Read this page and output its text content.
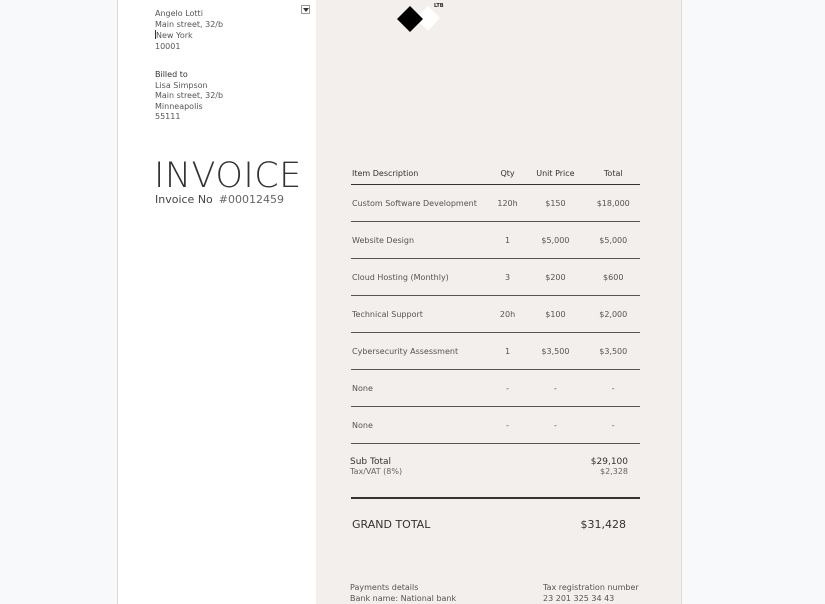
Angelo Lotti
Main street, 32/b
New York
10001
Billed to
Lisa Simpson
Main street, 32/b
Minneapolis
55111
INVOICE
Invoice No #00012459
LTB
Item Description	Qty	Unit Price	Total
Custom Software Development	120h	$150	$18,000
Website Design	1	$5,000	$5,000
Cloud Hosting (Monthly)	3	$200	$600
Technical Support	20h	$100	$2,000
Cybersecurity Assessment	1	$3,500	$3,500
None	-	-	-
None	-	-	-
Sub Total	$29,100
Tax/VAT (8%)	$2,328
GRAND TOTAL	$31,428
Payments details
Bank name: National bank
Tax registration number
23 201 325 34 43
